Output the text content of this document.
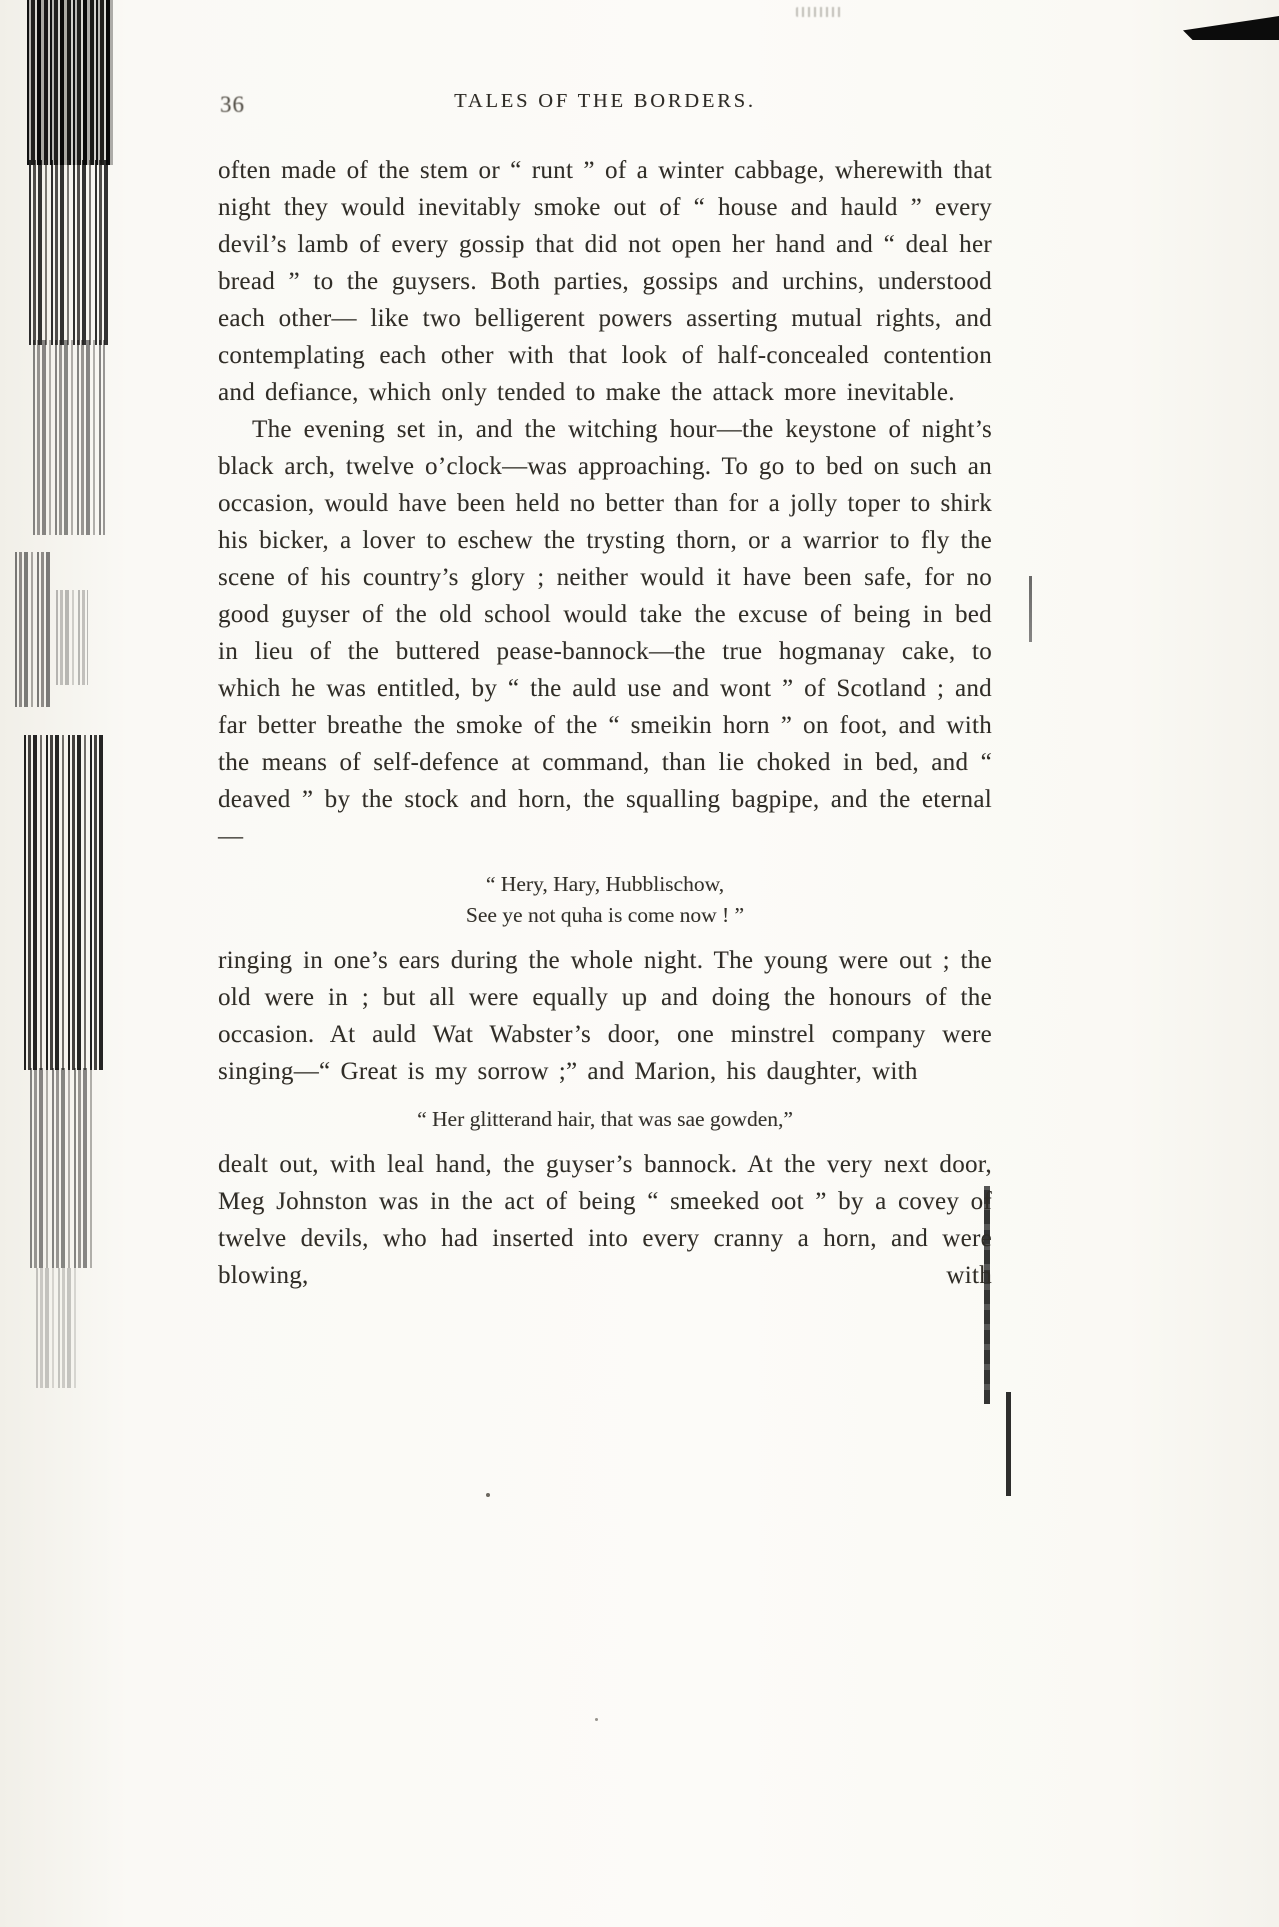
36	TALES OF THE BORDERS.

often made of the stem or “ runt ” of a winter cabbage, wherewith that night they would inevitably smoke out of “ house and hauld ” every devil’s lamb of every gossip that did not open her hand and “ deal her bread ” to the guysers. Both parties, gossips and urchins, understood each other— like two belligerent powers asserting mutual rights, and contemplating each other with that look of half-concealed contention and defiance, which only tended to make the attack more inevitable.

The evening set in, and the witching hour—the keystone of night’s black arch, twelve o’clock—was approaching. To go to bed on such an occasion, would have been held no better than for a jolly toper to shirk his bicker, a lover to eschew the trysting thorn, or a warrior to fly the scene of his country’s glory ; neither would it have been safe, for no good guyser of the old school would take the excuse of being in bed in lieu of the buttered pease-bannock—the true hogmanay cake, to which he was entitled, by “ the auld use and wont ” of Scotland ; and far better breathe the smoke of the “ smeikin horn ” on foot, and with the means of self-defence at command, than lie choked in bed, and “ deaved ” by the stock and horn, the squalling bagpipe, and the eternal—

“ Hery, Hary, Hubblischow,
See ye not quha is come now ! ”

ringing in one’s ears during the whole night. The young were out ; the old were in ; but all were equally up and doing the honours of the occasion. At auld Wat Wabster’s door, one minstrel company were singing—“ Great is my sorrow ;” and Marion, his daughter, with

“ Her glitterand hair, that was sae gowden,”

dealt out, with leal hand, the guyser’s bannock. At the very next door, Meg Johnston was in the act of being “ smeeked oot ” by a covey of twelve devils, who had inserted into every cranny a horn, and were blowing, with
